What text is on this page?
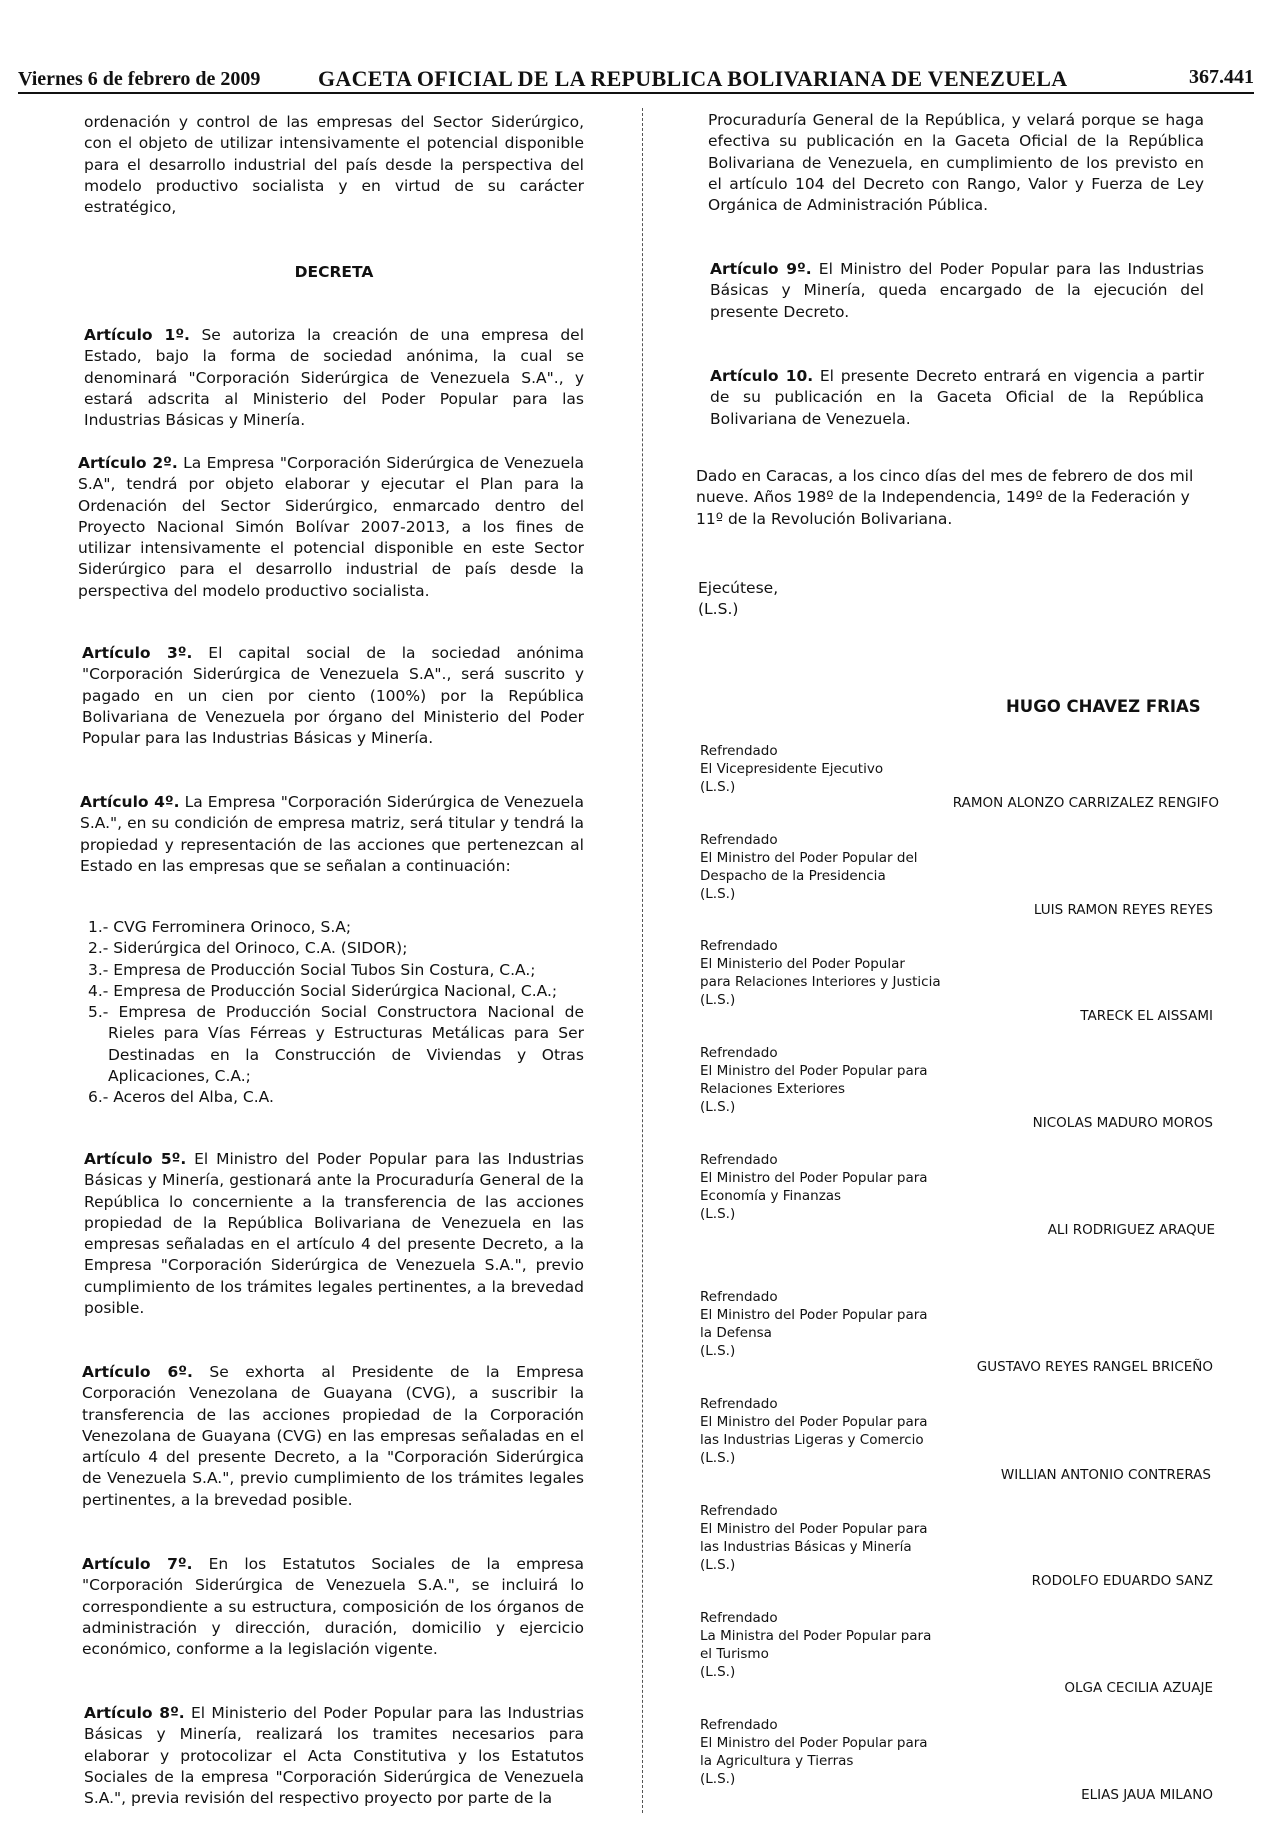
Viernes 6 de febrero de 2009	GACETA OFICIAL DE LA REPUBLICA BOLIVARIANA DE VENEZUELA	367.441

ordenación y control de las empresas del Sector Siderúrgico, con el objeto de utilizar intensivamente el potencial disponible para el desarrollo industrial del país desde la perspectiva del modelo productivo socialista y en virtud de su carácter estratégico,

DECRETA

Artículo 1º. Se autoriza la creación de una empresa del Estado, bajo la forma de sociedad anónima, la cual se denominará "Corporación Siderúrgica de Venezuela S.A"., y estará adscrita al Ministerio del Poder Popular para las Industrias Básicas y Minería.

Artículo 2º. La Empresa "Corporación Siderúrgica de Venezuela S.A", tendrá por objeto elaborar y ejecutar el Plan para la Ordenación del Sector Siderúrgico, enmarcado dentro del Proyecto Nacional Simón Bolívar 2007-2013, a los fines de utilizar intensivamente el potencial disponible en este Sector Siderúrgico para el desarrollo industrial de país desde la perspectiva del modelo productivo socialista.

Artículo 3º. El capital social de la sociedad anónima "Corporación Siderúrgica de Venezuela S.A"., será suscrito y pagado en un cien por ciento (100%) por la República Bolivariana de Venezuela por órgano del Ministerio del Poder Popular para las Industrias Básicas y Minería.

Artículo 4º. La Empresa "Corporación Siderúrgica de Venezuela S.A.", en su condición de empresa matriz, será titular y tendrá la propiedad y representación de las acciones que pertenezcan al Estado en las empresas que se señalan a continuación:

1.- CVG Ferrominera Orinoco, S.A;
2.- Siderúrgica del Orinoco, C.A. (SIDOR);
3.- Empresa de Producción Social Tubos Sin Costura, C.A.;
4.- Empresa de Producción Social Siderúrgica Nacional, C.A.;
5.- Empresa de Producción Social Constructora Nacional de Rieles para Vías Férreas y Estructuras Metálicas para Ser Destinadas en la Construcción de Viviendas y Otras Aplicaciones, C.A.;
6.- Aceros del Alba, C.A.

Artículo 5º. El Ministro del Poder Popular para las Industrias Básicas y Minería, gestionará ante la Procuraduría General de la República lo concerniente a la transferencia de las acciones propiedad de la República Bolivariana de Venezuela en las empresas señaladas en el artículo 4 del presente Decreto, a la Empresa "Corporación Siderúrgica de Venezuela S.A.", previo cumplimiento de los trámites legales pertinentes, a la brevedad posible.

Artículo 6º. Se exhorta al Presidente de la Empresa Corporación Venezolana de Guayana (CVG), a suscribir la transferencia de las acciones propiedad de la Corporación Venezolana de Guayana (CVG) en las empresas señaladas en el artículo 4 del presente Decreto, a la "Corporación Siderúrgica de Venezuela S.A.", previo cumplimiento de los trámites legales pertinentes, a la brevedad posible.

Artículo 7º. En los Estatutos Sociales de la empresa "Corporación Siderúrgica de Venezuela S.A.", se incluirá lo correspondiente a su estructura, composición de los órganos de administración y dirección, duración, domicilio y ejercicio económico, conforme a la legislación vigente.

Artículo 8º. El Ministerio del Poder Popular para las Industrias Básicas y Minería, realizará los tramites necesarios para elaborar y protocolizar el Acta Constitutiva y los Estatutos Sociales de la empresa "Corporación Siderúrgica de Venezuela S.A.", previa revisión del respectivo proyecto por parte de la

Procuraduría General de la República, y velará porque se haga efectiva su publicación en la Gaceta Oficial de la República Bolivariana de Venezuela, en cumplimiento de los previsto en el artículo 104 del Decreto con Rango, Valor y Fuerza de Ley Orgánica de Administración Pública.

Artículo 9º. El Ministro del Poder Popular para las Industrias Básicas y Minería, queda encargado de la ejecución del presente Decreto.

Artículo 10. El presente Decreto entrará en vigencia a partir de su publicación en la Gaceta Oficial de la República Bolivariana de Venezuela.

Dado en Caracas, a los cinco días del mes de febrero de dos mil nueve. Años 198º de la Independencia, 149º de la Federación y 11º de la Revolución Bolivariana.

Ejecútese,
(L.S.)

HUGO CHAVEZ FRIAS
Refrendado
El Vicepresidente Ejecutivo
(L.S.)
RAMON ALONZO CARRIZALEZ RENGIFO
Refrendado
El Ministro del Poder Popular del
Despacho de la Presidencia
(L.S.)
LUIS RAMON REYES REYES
Refrendado
El Ministerio del Poder Popular
para Relaciones Interiores y Justicia
(L.S.)
TARECK EL AISSAMI
Refrendado
El Ministro del Poder Popular para
Relaciones Exteriores
(L.S.)
NICOLAS MADURO MOROS
Refrendado
El Ministro del Poder Popular para
Economía y Finanzas
(L.S.)
ALI RODRIGUEZ ARAQUE
Refrendado
El Ministro del Poder Popular para
la Defensa
(L.S.)
GUSTAVO REYES RANGEL BRICEÑO
Refrendado
El Ministro del Poder Popular para
las Industrias Ligeras y Comercio
(L.S.)
WILLIAN ANTONIO CONTRERAS
Refrendado
El Ministro del Poder Popular para
las Industrias Básicas y Minería
(L.S.)
RODOLFO EDUARDO SANZ
Refrendado
La Ministra del Poder Popular para
el Turismo
(L.S.)
OLGA CECILIA AZUAJE
Refrendado
El Ministro del Poder Popular para
la Agricultura y Tierras
(L.S.)
ELIAS JAUA MILANO
